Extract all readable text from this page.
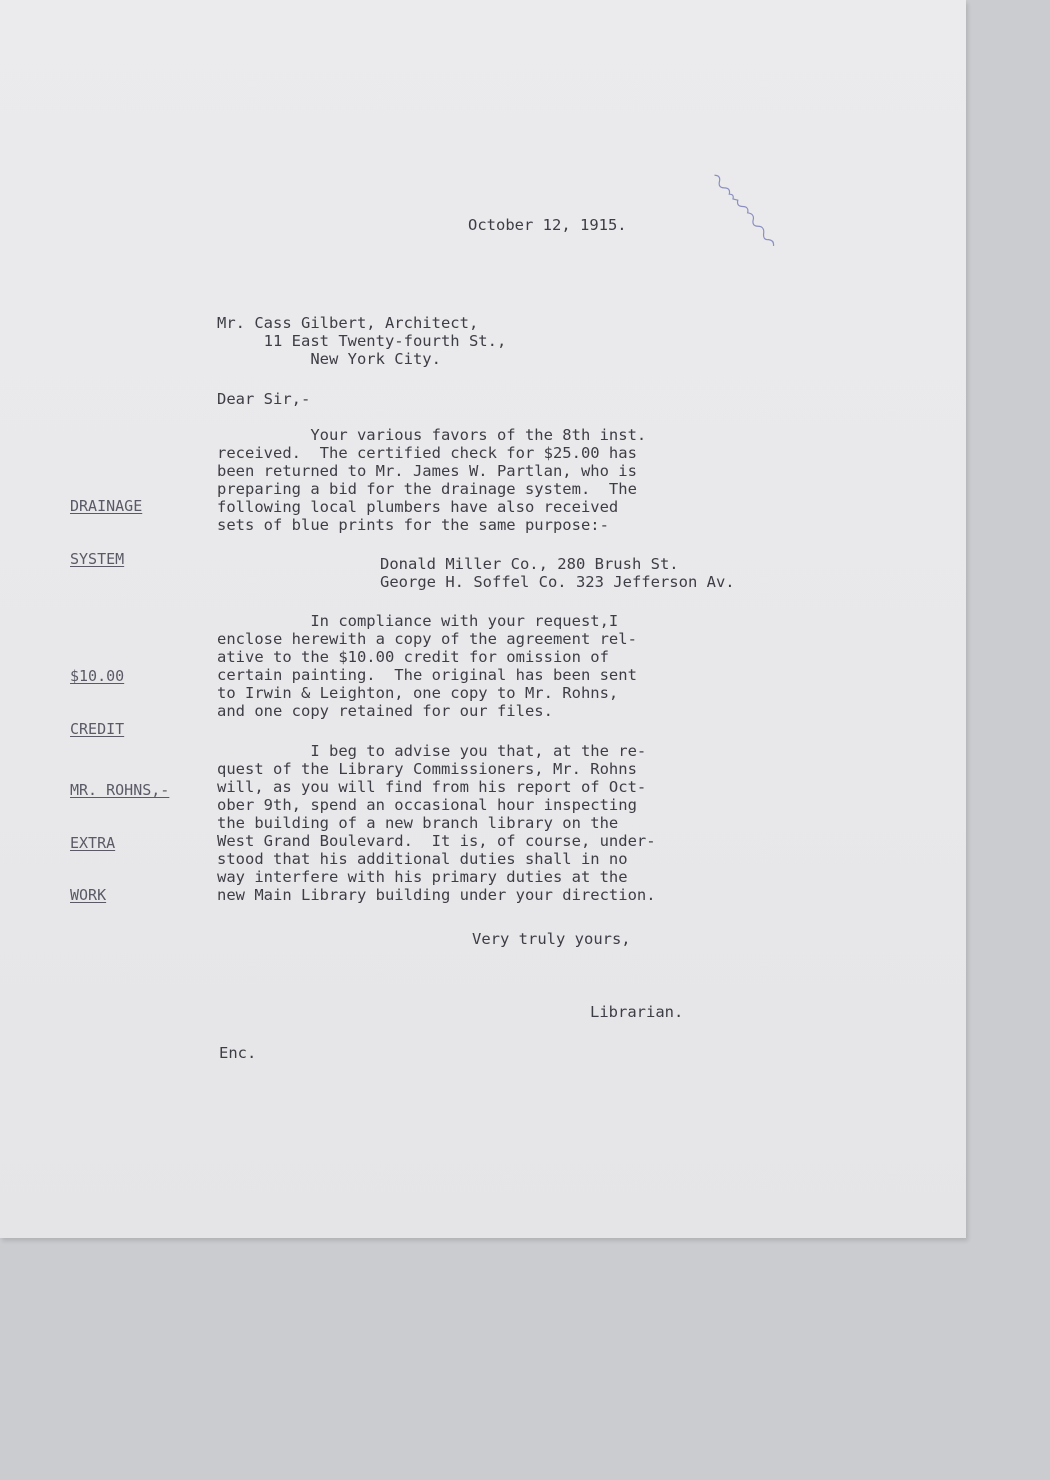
October 12, 1915.
Mr. Cass Gilbert, Architect,
11 East Twenty-fourth St.,
New York City.
Dear Sir,-
Your various favors of the 8th inst.
received.  The certified check for $25.00 has
been returned to Mr. James W. Partlan, who is
preparing a bid for the drainage system.  The
following local plumbers have also received
sets of blue prints for the same purpose:-
Donald Miller Co., 280 Brush St.
George H. Soffel Co. 323 Jefferson Av.
In compliance with your request,I
enclose herewith a copy of the agreement rel-
ative to the $10.00 credit for omission of
certain painting.  The original has been sent
to Irwin & Leighton, one copy to Mr. Rohns,
and one copy retained for our files.
I beg to advise you that, at the re-
quest of the Library Commissioners, Mr. Rohns
will, as you will find from his report of Oct-
ober 9th, spend an occasional hour inspecting
the building of a new branch library on the
West Grand Boulevard.  It is, of course, under-
stood that his additional duties shall in no
way interfere with his primary duties at the
new Main Library building under your direction.
Very truly yours,
Librarian.
Enc.

DRAINAGE

SYSTEM

$10.00

CREDIT

MR. ROHNS,-

EXTRA

WORK
